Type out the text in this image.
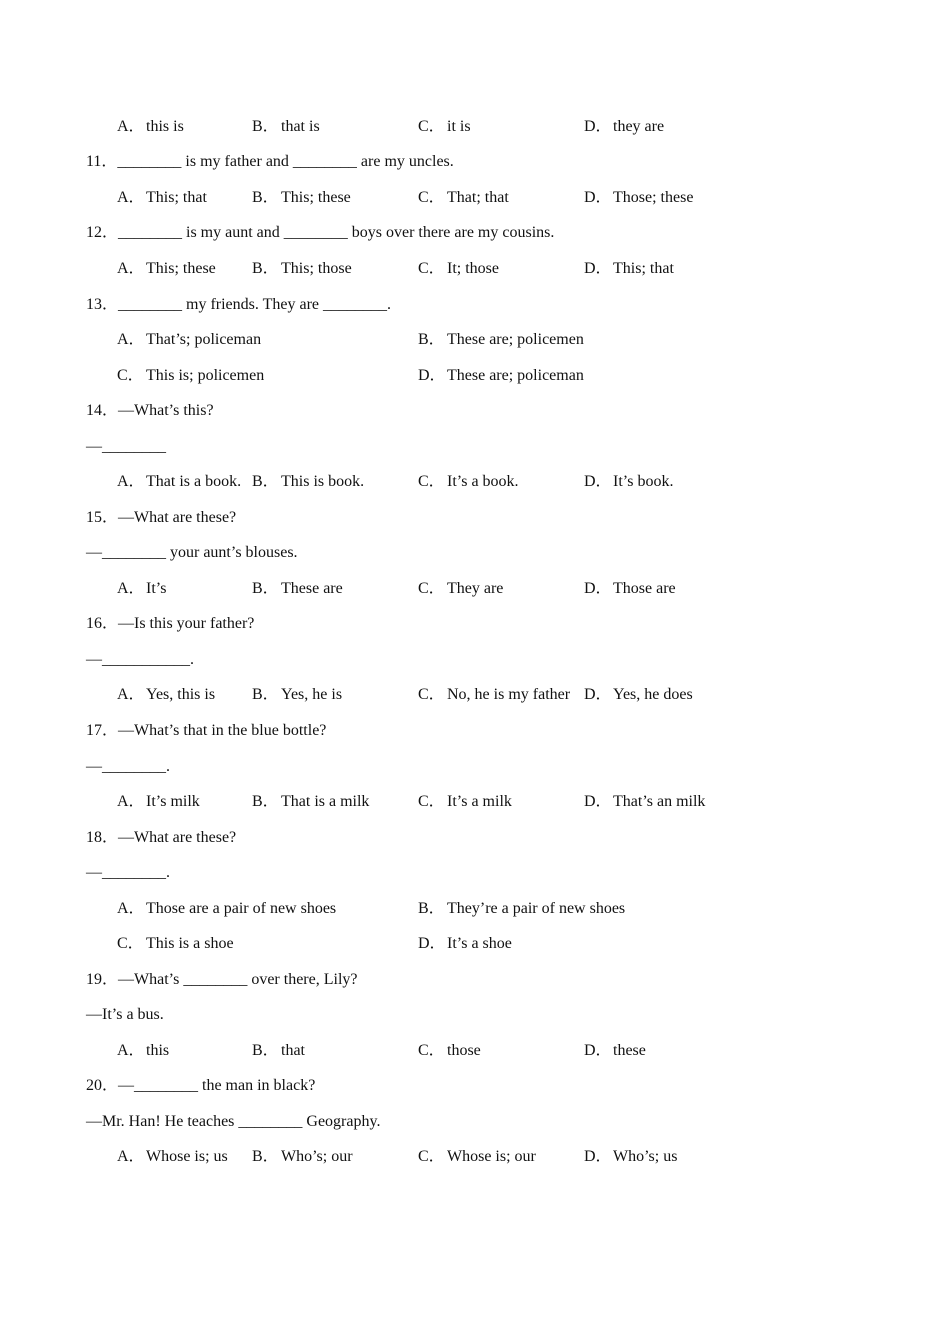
A．this is	B． that is	C． it is	D．they are
11．________ is my father and ________ are my uncles.
A．This; that	B． This; these	C． That; that	D．Those; these
12．________ is my aunt and ________ boys over there are my cousins.
A．This; these B． This; those	C． It; those	D．This; that
13．________ my friends. They are ________.
A．That’s; policeman	B． These are; policemen
C． This is; policemen	D．These are; policeman
14．—What’s this?
—________
A．That is a book. B． This is book.	C． It’s a book.	D．It’s book.
15．—What are these?
—________ your aunt’s blouses.
A．It’s	B． These are	C． They are	D．Those are
16．—Is this your father?
—___________.
A．Yes, this is B． Yes, he is	C． No, he is my father D．Yes, he does
17．—What’s that in the blue bottle?
—________.
A．It’s milk	B． That is a milk	C． It’s a milk	D．That’s an milk
18．—What are these?
—________.
A．Those are a pair of new shoes	B． They’re a pair of new shoes
C． This is a shoe	D．It’s a shoe
19．—What’s ________ over there, Lily?
—It’s a bus.
A．this	B． that	C． those	D．these
20．—________ the man in black?
—Mr. Han! He teaches ________ Geography.
A．Whose is; us B． Who’s; our	C． Whose is; our	D．Who’s; us
